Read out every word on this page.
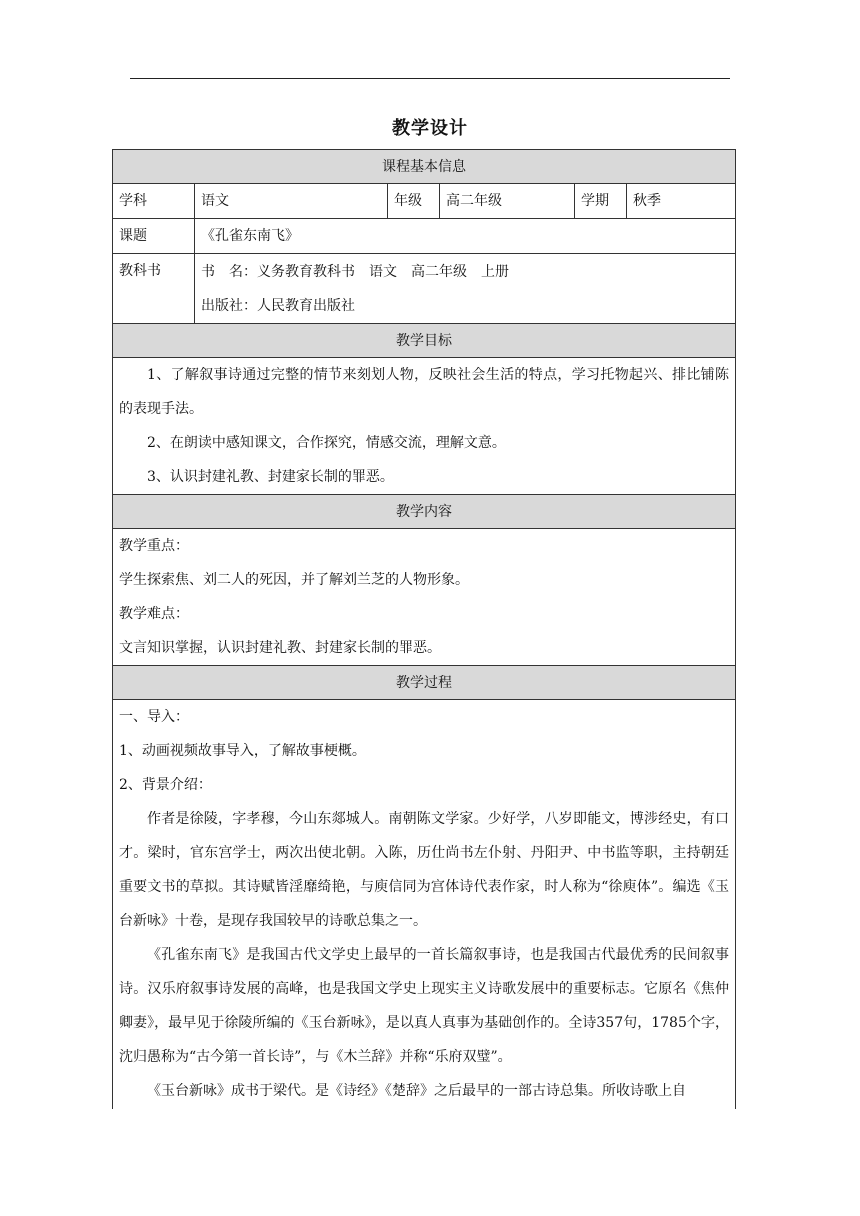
教学设计
课程基本信息
学科	语文	年级	高二年级	学期	秋季
课题	《孔雀东南飞》
教科书	书　名：义务教育教科书　语文　高二年级　上册
出版社：人民教育出版社
教学目标
1、了解叙事诗通过完整的情节来刻划人物，反映社会生活的特点，学习托物起兴、排比铺陈的表现手法。
2、在朗读中感知课文，合作探究，情感交流，理解文意。
3、认识封建礼教、封建家长制的罪恶。
教学内容
教学重点：
学生探索焦、刘二人的死因，并了解刘兰芝的人物形象。
教学难点：
文言知识掌握，认识封建礼教、封建家长制的罪恶。
教学过程
一、导入：
1、动画视频故事导入，了解故事梗概。
2、背景介绍：
作者是徐陵，字孝穆，今山东郯城人。南朝陈文学家。少好学，八岁即能文，博涉经史，有口才。梁时，官东宫学士，两次出使北朝。入陈，历仕尚书左仆射、丹阳尹、中书监等职，主持朝廷重要文书的草拟。其诗赋皆淫靡绮艳，与庾信同为宫体诗代表作家，时人称为“徐庾体”。编选《玉台新咏》十卷，是现存我国较早的诗歌总集之一。
《孔雀东南飞》是我国古代文学史上最早的一首长篇叙事诗，也是我国古代最优秀的民间叙事诗。汉乐府叙事诗发展的高峰，也是我国文学史上现实主义诗歌发展中的重要标志。它原名《焦仲卿妻》，最早见于徐陵所编的《玉台新咏》，是以真人真事为基础创作的。全诗357句，1785个字，沈归愚称为“古今第一首长诗”，与《木兰辞》并称“乐府双璧”。
《玉台新咏》成书于梁代。是《诗经》《楚辞》之后最早的一部古诗总集。所收诗歌上自
